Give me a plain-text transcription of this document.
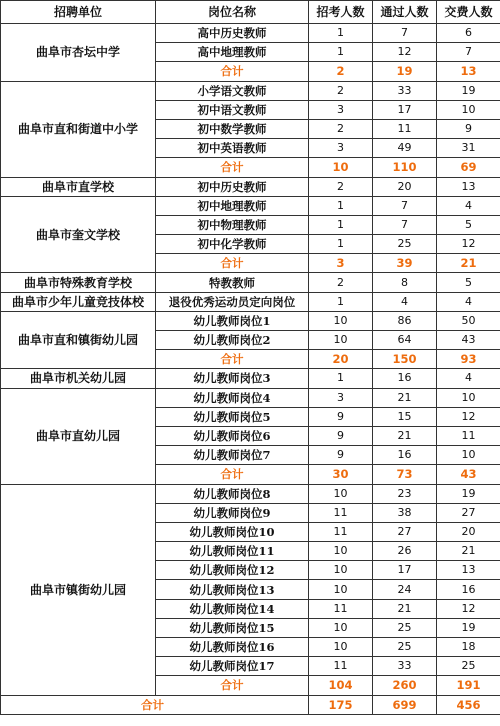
招聘单位	岗位名称	招考人数	通过人数	交费人数
曲阜市杏坛中学	高中历史教师	1	7	6
	高中地理教师	1	12	7
	合计	2	19	13
曲阜市直和街道中小学	小学语文教师	2	33	19
	初中语文教师	3	17	10
	初中数学教师	2	11	9
	初中英语教师	3	49	31
	合计	10	110	69
曲阜市直学校	初中历史教师	2	20	13
曲阜市奎文学校	初中地理教师	1	7	4
	初中物理教师	1	7	5
	初中化学教师	1	25	12
	合计	3	39	21
曲阜市特殊教育学校	特教教师	2	8	5
曲阜市少年儿童竞技体校	退役优秀运动员定向岗位	1	4	4
曲阜市直和镇街幼儿园	幼儿教师岗位1	10	86	50
	幼儿教师岗位2	10	64	43
	合计	20	150	93
曲阜市机关幼儿园	幼儿教师岗位3	1	16	4
曲阜市直幼儿园	幼儿教师岗位4	3	21	10
	幼儿教师岗位5	9	15	12
	幼儿教师岗位6	9	21	11
	幼儿教师岗位7	9	16	10
	合计	30	73	43
曲阜市镇街幼儿园	幼儿教师岗位8	10	23	19
	幼儿教师岗位9	11	38	27
	幼儿教师岗位10	11	27	20
	幼儿教师岗位11	10	26	21
	幼儿教师岗位12	10	17	13
	幼儿教师岗位13	10	24	16
	幼儿教师岗位14	11	21	12
	幼儿教师岗位15	10	25	19
	幼儿教师岗位16	10	25	18
	幼儿教师岗位17	11	33	25
	合计	104	260	191
合计		175	699	456
